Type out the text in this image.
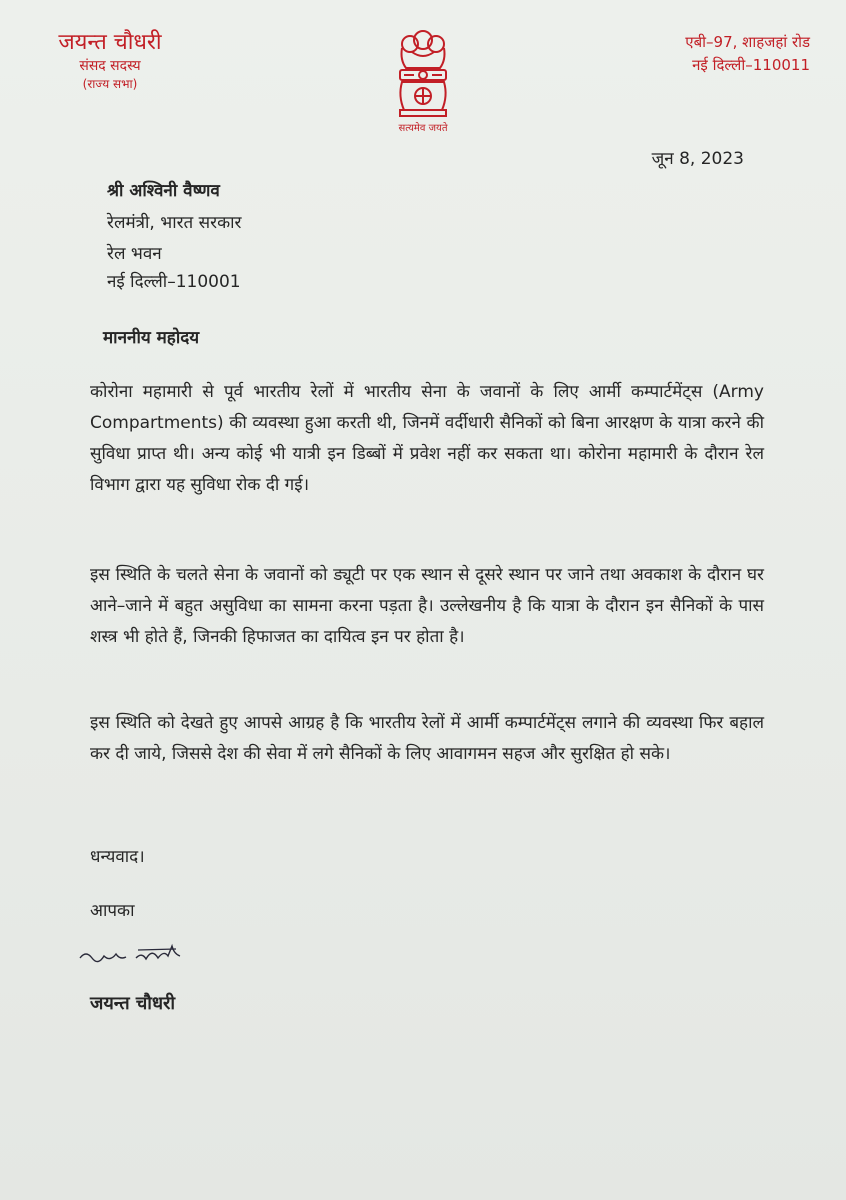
जयन्त चौधरी
संसद सदस्य
(राज्य सभा)
सत्यमेव जयते
एबी–97, शाहजहां रोड
नई दिल्ली–110011
जून 8, 2023
श्री अश्विनी वैष्णव
रेलमंत्री, भारत सरकार
रेल भवन
नई दिल्ली–110001
माननीय महोदय

कोरोना महामारी से पूर्व भारतीय रेलों में भारतीय सेना के जवानों के लिए आर्मी कम्पार्टमेंट्स (Army Compartments) की व्यवस्था हुआ करती थी, जिनमें वर्दीधारी सैनिकों को बिना आरक्षण के यात्रा करने की सुविधा प्राप्त थी। अन्य कोई भी यात्री इन डिब्बों में प्रवेश नहीं कर सकता था। कोरोना महामारी के दौरान रेल विभाग द्वारा यह सुविधा रोक दी गई।

इस स्थिति के चलते सेना के जवानों को ड्यूटी पर एक स्थान से दूसरे स्थान पर जाने तथा अवकाश के दौरान घर आने–जाने में बहुत असुविधा का सामना करना पड़ता है। उल्लेखनीय है कि यात्रा के दौरान इन सैनिकों के पास शस्त्र भी होते हैं, जिनकी हिफाजत का दायित्व इन पर होता है।

इस स्थिति को देखते हुए आपसे आग्रह है कि भारतीय रेलों में आर्मी कम्पार्टमेंट्स लगाने की व्यवस्था फिर बहाल कर दी जाये, जिससे देश की सेवा में लगे सैनिकों के लिए आवागमन सहज और सुरक्षित हो सके।

धन्यवाद।
आपका
जयन्त चौधरी
